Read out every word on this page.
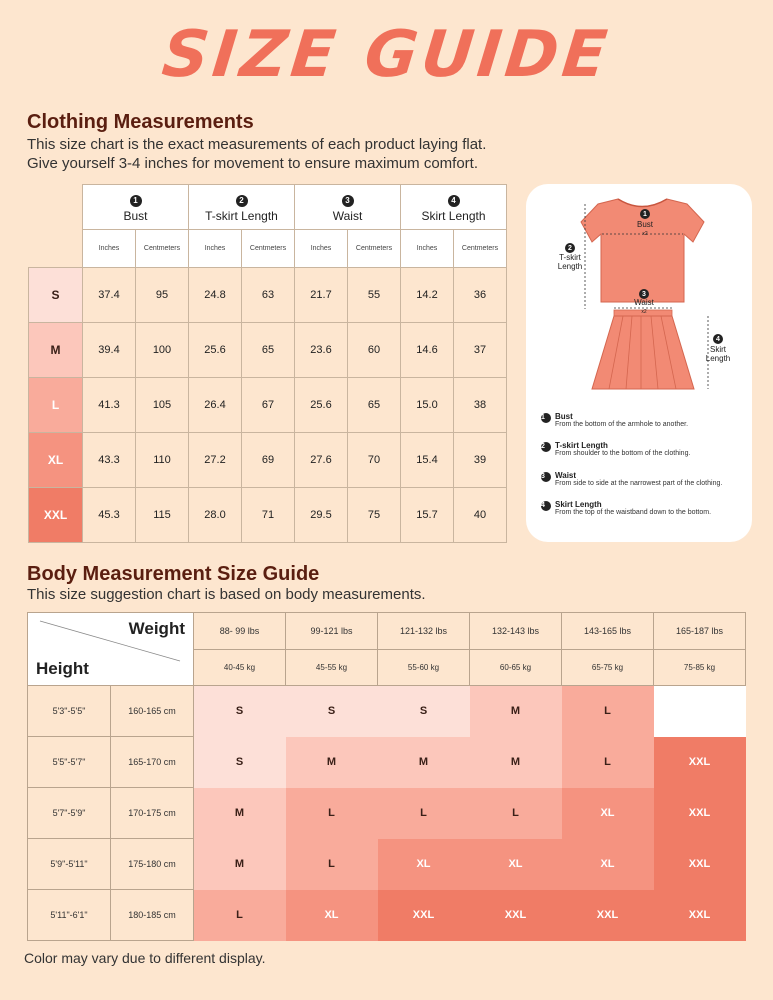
SIZE GUIDE
Clothing Measurements
This size chart is the exact measurements of each product laying flat.
Give yourself 3-4 inches for movement to ensure maximum comfort.
	1
Bust		2
T-skirt Length		3
Waist		4
Skirt Length	
	Inches	Centmeters	Inches	Centmeters	Inches	Centmeters	Inches	Centmeters
S	37.4	95	24.8	63	21.7	55	14.2	36
M	39.4	100	25.6	65	23.6	60	14.6	37
L	41.3	105	26.4	67	25.6	65	15.0	38
XL	43.3	110	27.2	69	27.6	70	15.4	39
XXL	45.3	115	28.0	71	29.5	75	15.7	40
1
Bust
x2
2
T-skirt
Length
3
Waist
x2
4
Skirt
Length
1	Bust
From the bottom of the armhole to another.
2	T-skirt Length
From shoulder to the bottom of the clothing.
3	Waist
From side to side at the narrowest part of the clothing.
4	Skirt Length
From the top of the waistband down to the bottom.
Body Measurement Size Guide
This size suggestion chart is based on body measurements.
Weight
Height		88- 99 lbs	99-121 lbs	121-132 lbs	132-143 lbs	143-165 lbs	165-187 lbs
		40-45 kg	45-55 kg	55-60 kg	60-65 kg	65-75 kg	75-85 kg
5'3"-5'5"	160-165 cm	S	S	S	M	L	
5'5"-5'7"	165-170 cm	S	M	M	M	L	XXL
5'7"-5'9"	170-175 cm	M	L	L	L	XL	XXL
5'9"-5'11"	175-180 cm	M	L	XL	XL	XL	XXL
5'11"-6'1"	180-185 cm	L	XL	XXL	XXL	XXL	XXL
Color may vary due to different display.
